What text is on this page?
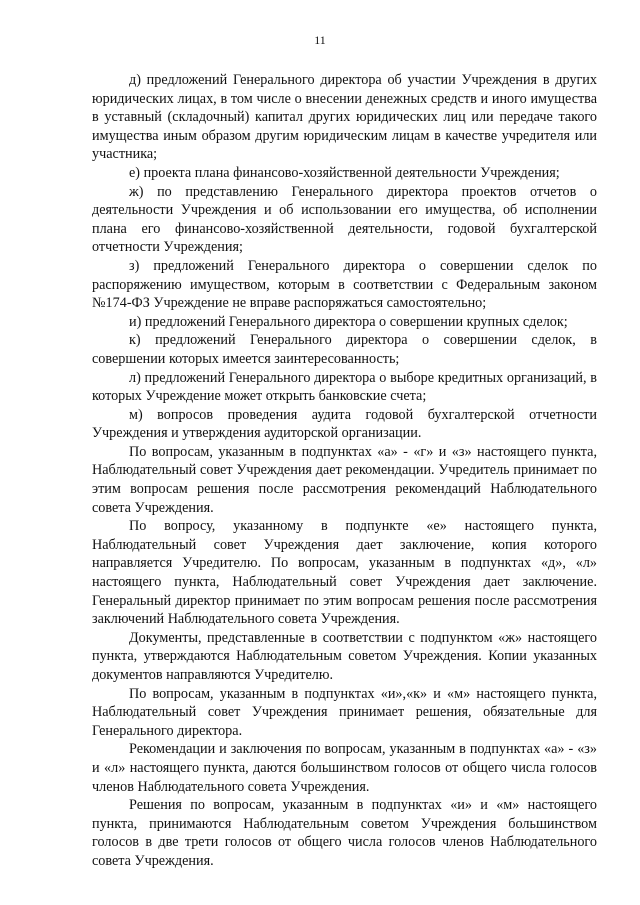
11

д) предложений Генерального директора об участии Учреждения в других юридических лицах, в том числе о внесении денежных средств и иного имущества в уставный (складочный) капитал других юридических лиц или передаче такого имущества иным образом другим юридическим лицам в качестве учредителя или участника;

е) проекта плана финансово-хозяйственной деятельности Учреждения;

ж) по представлению Генерального директора проектов отчетов о деятельности Учреждения и об использовании его имущества, об исполнении плана его финансово-хозяйственной деятельности, годовой бухгалтерской отчетности Учреждения;

з) предложений Генерального директора о совершении сделок по распоряжению имуществом, которым в соответствии с Федеральным законом №174-ФЗ Учреждение не вправе распоряжаться самостоятельно;

и) предложений Генерального директора о совершении крупных сделок;

к) предложений Генерального директора о совершении сделок, в совершении которых имеется заинтересованность;

л) предложений Генерального директора о выборе кредитных организаций, в которых Учреждение может открыть банковские счета;

м) вопросов проведения аудита годовой бухгалтерской отчетности Учреждения и утверждения аудиторской организации.

По вопросам, указанным в подпунктах «а» - «г» и «з» настоящего пункта, Наблюдательный совет Учреждения дает рекомендации. Учредитель принимает по этим вопросам решения после рассмотрения рекомендаций Наблюдательного совета Учреждения.

По вопросу, указанному в подпункте «е» настоящего пункта, Наблюдательный совет Учреждения дает заключение, копия которого направляется Учредителю. По вопросам, указанным в подпунктах «д», «л» настоящего пункта, Наблюдательный совет Учреждения дает заключение. Генеральный директор принимает по этим вопросам решения после рассмотрения заключений Наблюдательного совета Учреждения.

Документы, представленные в соответствии с подпунктом «ж» настоящего пункта, утверждаются Наблюдательным советом Учреждения. Копии указанных документов направляются Учредителю.

По вопросам, указанным в подпунктах «и»,«к» и «м» настоящего пункта, Наблюдательный совет Учреждения принимает решения, обязательные для Генерального директора.

Рекомендации и заключения по вопросам, указанным в подпунктах «а» - «з» и «л» настоящего пункта, даются большинством голосов от общего числа голосов членов Наблюдательного совета Учреждения.

Решения по вопросам, указанным в подпунктах «и» и «м» настоящего пункта, принимаются Наблюдательным советом Учреждения большинством голосов в две трети голосов от общего числа голосов членов Наблюдательного совета Учреждения.
